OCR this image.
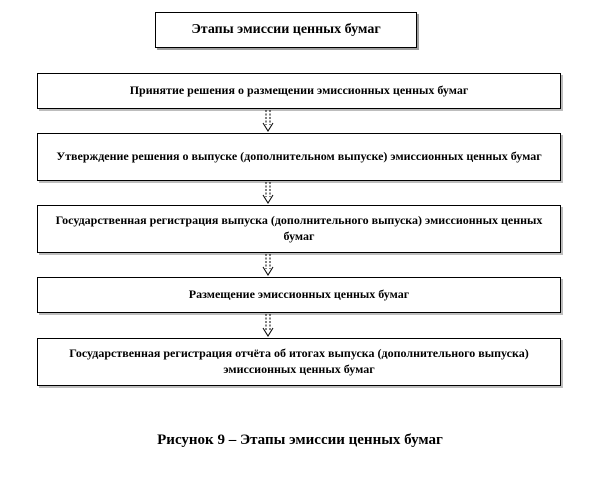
Этапы эмиссии ценных бумаг
Принятие решения о размещении эмиссионных ценных бумаг
Утверждение решения о выпуске (дополнительном выпуске) эмиссионных ценных бумаг
Государственная регистрация выпуска (дополнительного выпуска) эмиссионных ценных бумаг
Размещение эмиссионных ценных бумаг
Государственная регистрация отчёта об итогах выпуска (дополнительного выпуска) эмиссионных ценных бумаг
Рисунок 9 – Этапы эмиссии ценных бумаг
